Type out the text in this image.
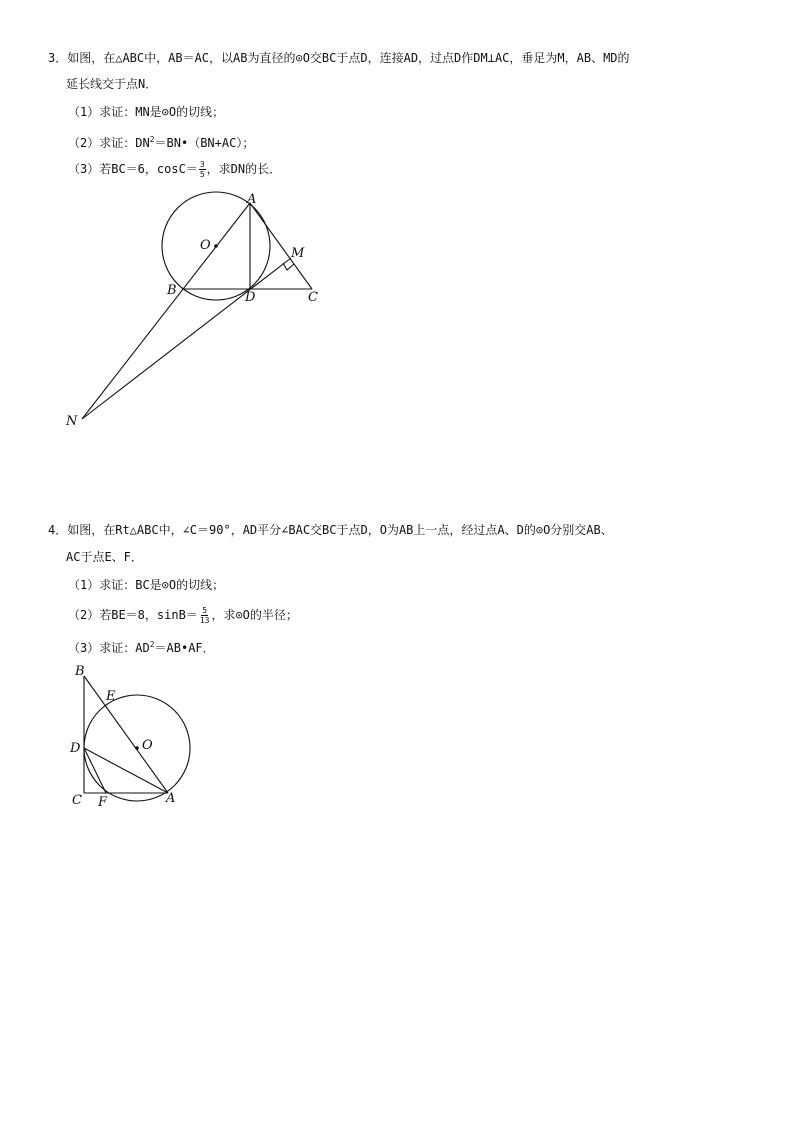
3．如图，在△ABC中，AB＝AC，以AB为直径的⊙O交BC于点D，连接AD，过点D作DM⊥AC，垂足为M，AB、MD的
延长线交于点N．
（1）求证：MN是⊙O的切线；
（2）求证：$DN^2=BN•(BN+AC)$；
（3）若BC＝6，$\cos C= \frac{3}{5}$ ，求DN的长．
A
O
M
B	D	C
N
4．如图，在Rt△ABC中，∠C＝90°，AD平分∠BAC交BC于点D，O为AB上一点，经过点A、D的⊙O分别交AB、
AC于点E、F．
（1）求证：BC是⊙O的切线；
（2）若BE＝8，$\sin B= \frac{5}{13}$ ，求⊙O的半径；
（3）求证：$AD^2=AB•AF$．
B
E
D	O
C F	A
